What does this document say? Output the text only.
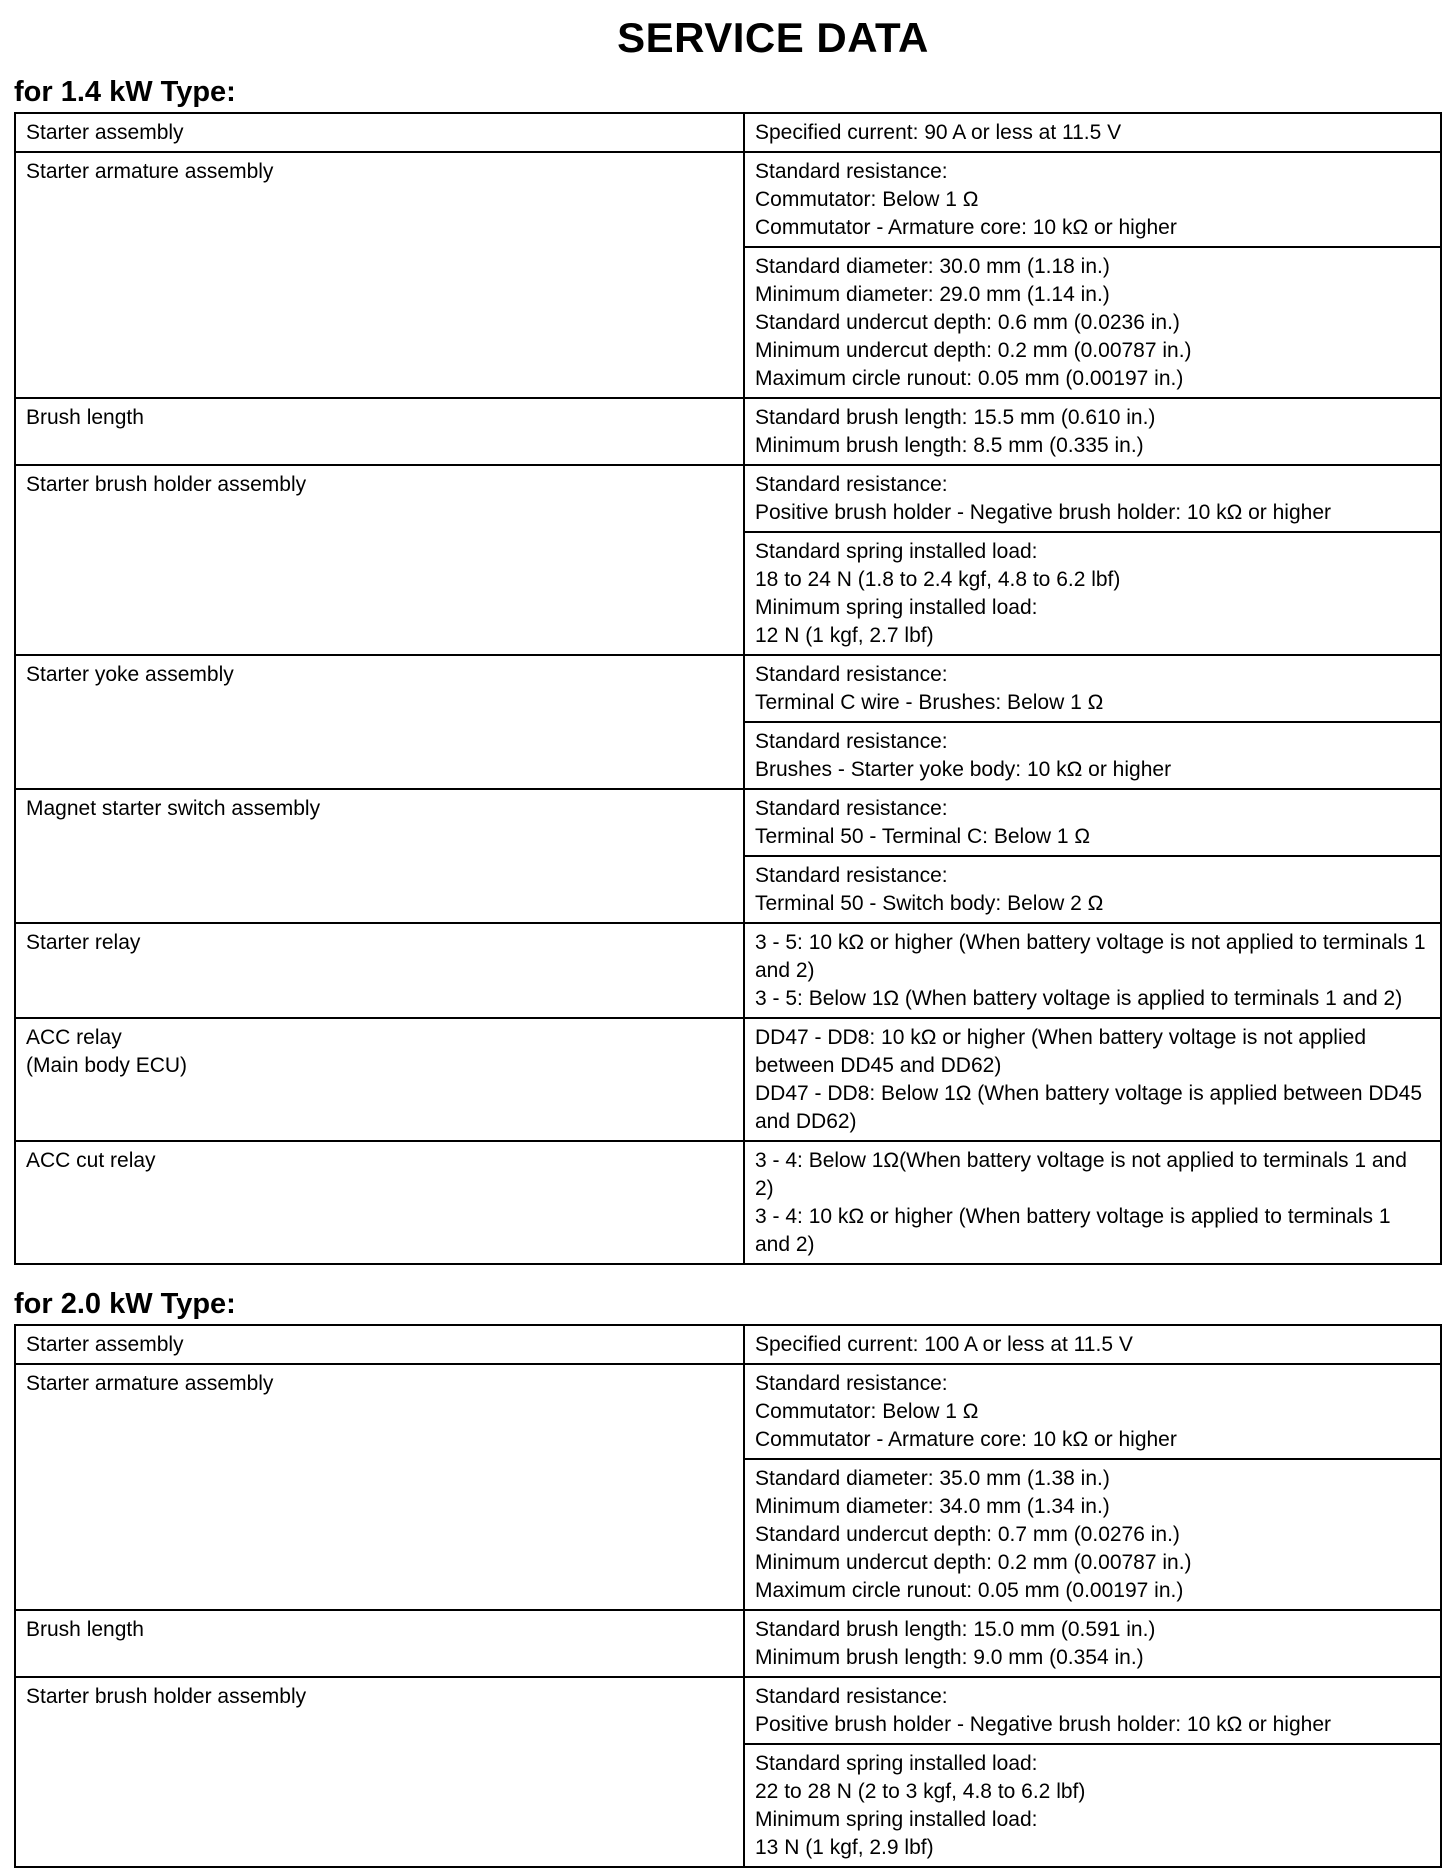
SERVICE DATA
for 1.4 kW Type:
Starter assembly	Specified current: 90 A or less at 11.5 V

Starter armature assembly	Standard resistance:
Commutator: Below 1 Ω
Commutator - Armature core: 10 kΩ or higher

	Standard diameter: 30.0 mm (1.18 in.)
Minimum diameter: 29.0 mm (1.14 in.)
Standard undercut depth: 0.6 mm (0.0236 in.)
Minimum undercut depth: 0.2 mm (0.00787 in.)
Maximum circle runout: 0.05 mm (0.00197 in.)

Brush length	Standard brush length: 15.5 mm (0.610 in.)
Minimum brush length: 8.5 mm (0.335 in.)

Starter brush holder assembly	Standard resistance:
Positive brush holder - Negative brush holder: 10 kΩ or higher

	Standard spring installed load:
18 to 24 N (1.8 to 2.4 kgf, 4.8 to 6.2 lbf)
Minimum spring installed load:
12 N (1 kgf, 2.7 lbf)

Starter yoke assembly	Standard resistance:
Terminal C wire - Brushes: Below 1 Ω

	Standard resistance:
Brushes - Starter yoke body: 10 kΩ or higher

Magnet starter switch assembly	Standard resistance:
Terminal 50 - Terminal C: Below 1 Ω

	Standard resistance:
Terminal 50 - Switch body: Below 2 Ω

Starter relay	3 - 5: 10 kΩ or higher (When battery voltage is not applied to terminals 1 and 2)
3 - 5: Below 1Ω (When battery voltage is applied to terminals 1 and 2)

ACC relay
(Main body ECU)	DD47 - DD8: 10 kΩ or higher (When battery voltage is not applied between DD45 and DD62)
DD47 - DD8: Below 1Ω (When battery voltage is applied between DD45 and DD62)

ACC cut relay	3 - 4: Below 1Ω(When battery voltage is not applied to terminals 1 and 2)
3 - 4: 10 kΩ or higher (When battery voltage is applied to terminals 1 and 2)
for 2.0 kW Type:
Starter assembly	Specified current: 100 A or less at 11.5 V

Starter armature assembly	Standard resistance:
Commutator: Below 1 Ω
Commutator - Armature core: 10 kΩ or higher

	Standard diameter: 35.0 mm (1.38 in.)
Minimum diameter: 34.0 mm (1.34 in.)
Standard undercut depth: 0.7 mm (0.0276 in.)
Minimum undercut depth: 0.2 mm (0.00787 in.)
Maximum circle runout: 0.05 mm (0.00197 in.)

Brush length	Standard brush length: 15.0 mm (0.591 in.)
Minimum brush length: 9.0 mm (0.354 in.)

Starter brush holder assembly	Standard resistance:
Positive brush holder - Negative brush holder: 10 kΩ or higher

	Standard spring installed load:
22 to 28 N (2 to 3 kgf, 4.8 to 6.2 lbf)
Minimum spring installed load:
13 N (1 kgf, 2.9 lbf)
